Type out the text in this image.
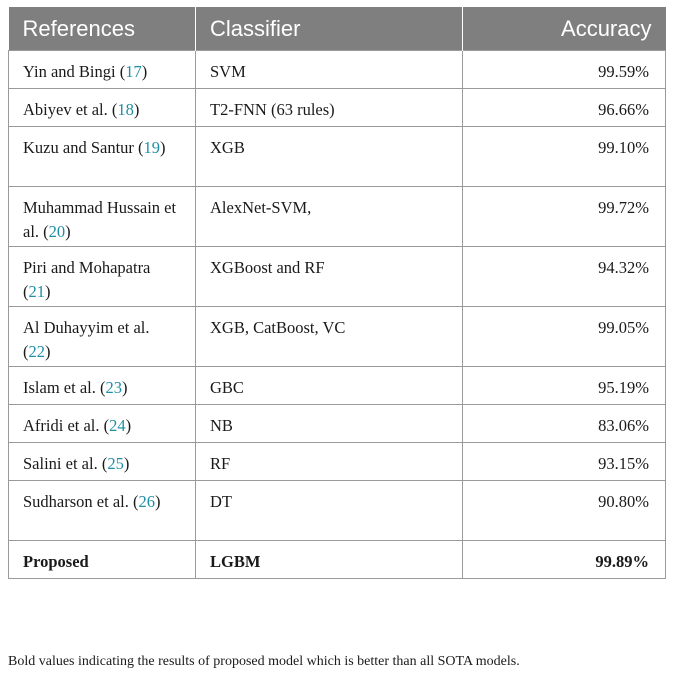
References	Classifier	Accuracy
Yin and Bingi (17)	SVM	99.59%
Abiyev et al. (18)	T2-FNN (63 rules)	96.66%
Kuzu and Santur (19)	XGB	99.10%
Muhammad Hussain et al. (20)	AlexNet-SVM,	99.72%
Piri and Mohapatra (21)	XGBoost and RF	94.32%
Al Duhayyim et al. (22)	XGB, CatBoost, VC	99.05%
Islam et al. (23)	GBC	95.19%
Afridi et al. (24)	NB	83.06%
Salini et al. (25)	RF	93.15%
Sudharson et al. (26)	DT	90.80%
Proposed	LGBM	99.89%
Bold values indicating the results of proposed model which is better than all SOTA models.
